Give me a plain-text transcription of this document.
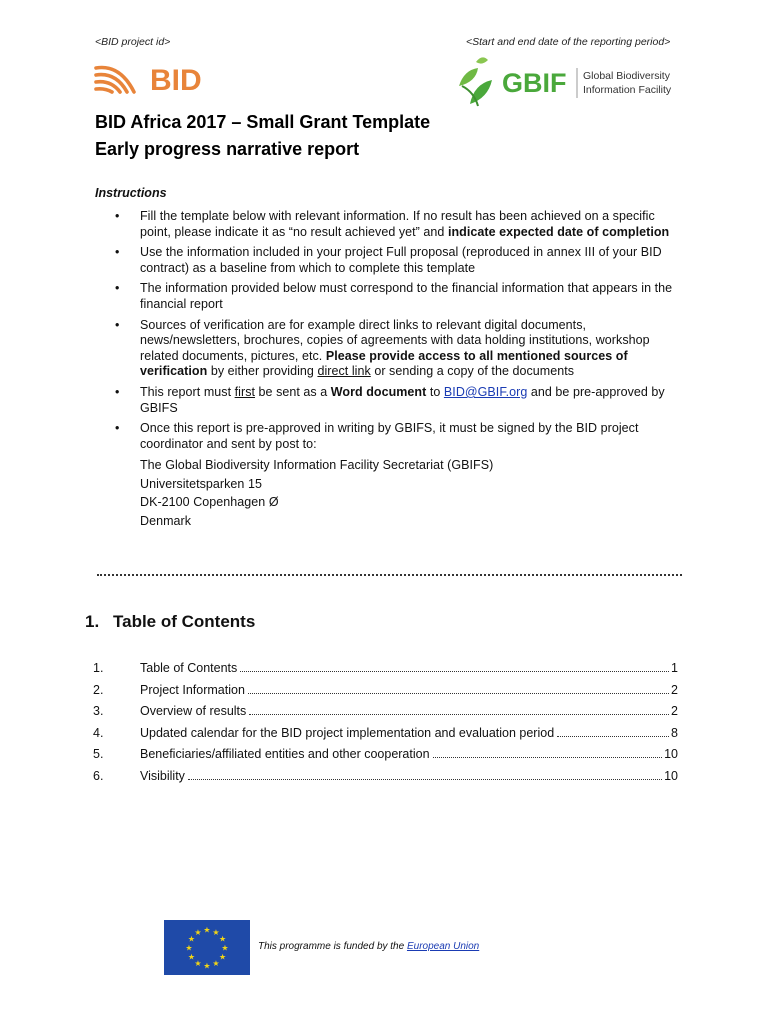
<BID project id>	<Start and end date of the reporting period>
BID	GBIF Global Biodiversity
Information Facility
BID Africa 2017 – Small Grant Template
Early progress narrative report
Instructions
• Fill the template below with relevant information. If no result has been achieved on a specific point, please indicate it as “no result achieved yet” and indicate expected date of completion
• Use the information included in your project Full proposal (reproduced in annex III of your BID contract) as a baseline from which to complete this template
• The information provided below must correspond to the financial information that appears in the financial report
• Sources of verification are for example direct links to relevant digital documents, news/newsletters, brochures, copies of agreements with data holding institutions, workshop related documents, pictures, etc. Please provide access to all mentioned sources of verification by either providing direct link or sending a copy of the documents
• This report must first be sent as a Word document to BID@GBIF.org and be pre-approved by GBIFS
• Once this report is pre-approved in writing by GBIFS, it must be signed by the BID project coordinator and sent by post to:
The Global Biodiversity Information Facility Secretariat (GBIFS)
Universitetsparken 15
DK-2100 Copenhagen Ø
Denmark
1. Table of Contents
1.	Table of Contents	1
2.	Project Information	2
3.	Overview of results	2
4.	Updated calendar for the BID project implementation and evaluation period	8
5.	Beneficiaries/affiliated entities and other cooperation	10
6.	Visibility	10
★ ★
★
★
★
★
★
★
★
★
★
★
This programme is funded by the European Union
